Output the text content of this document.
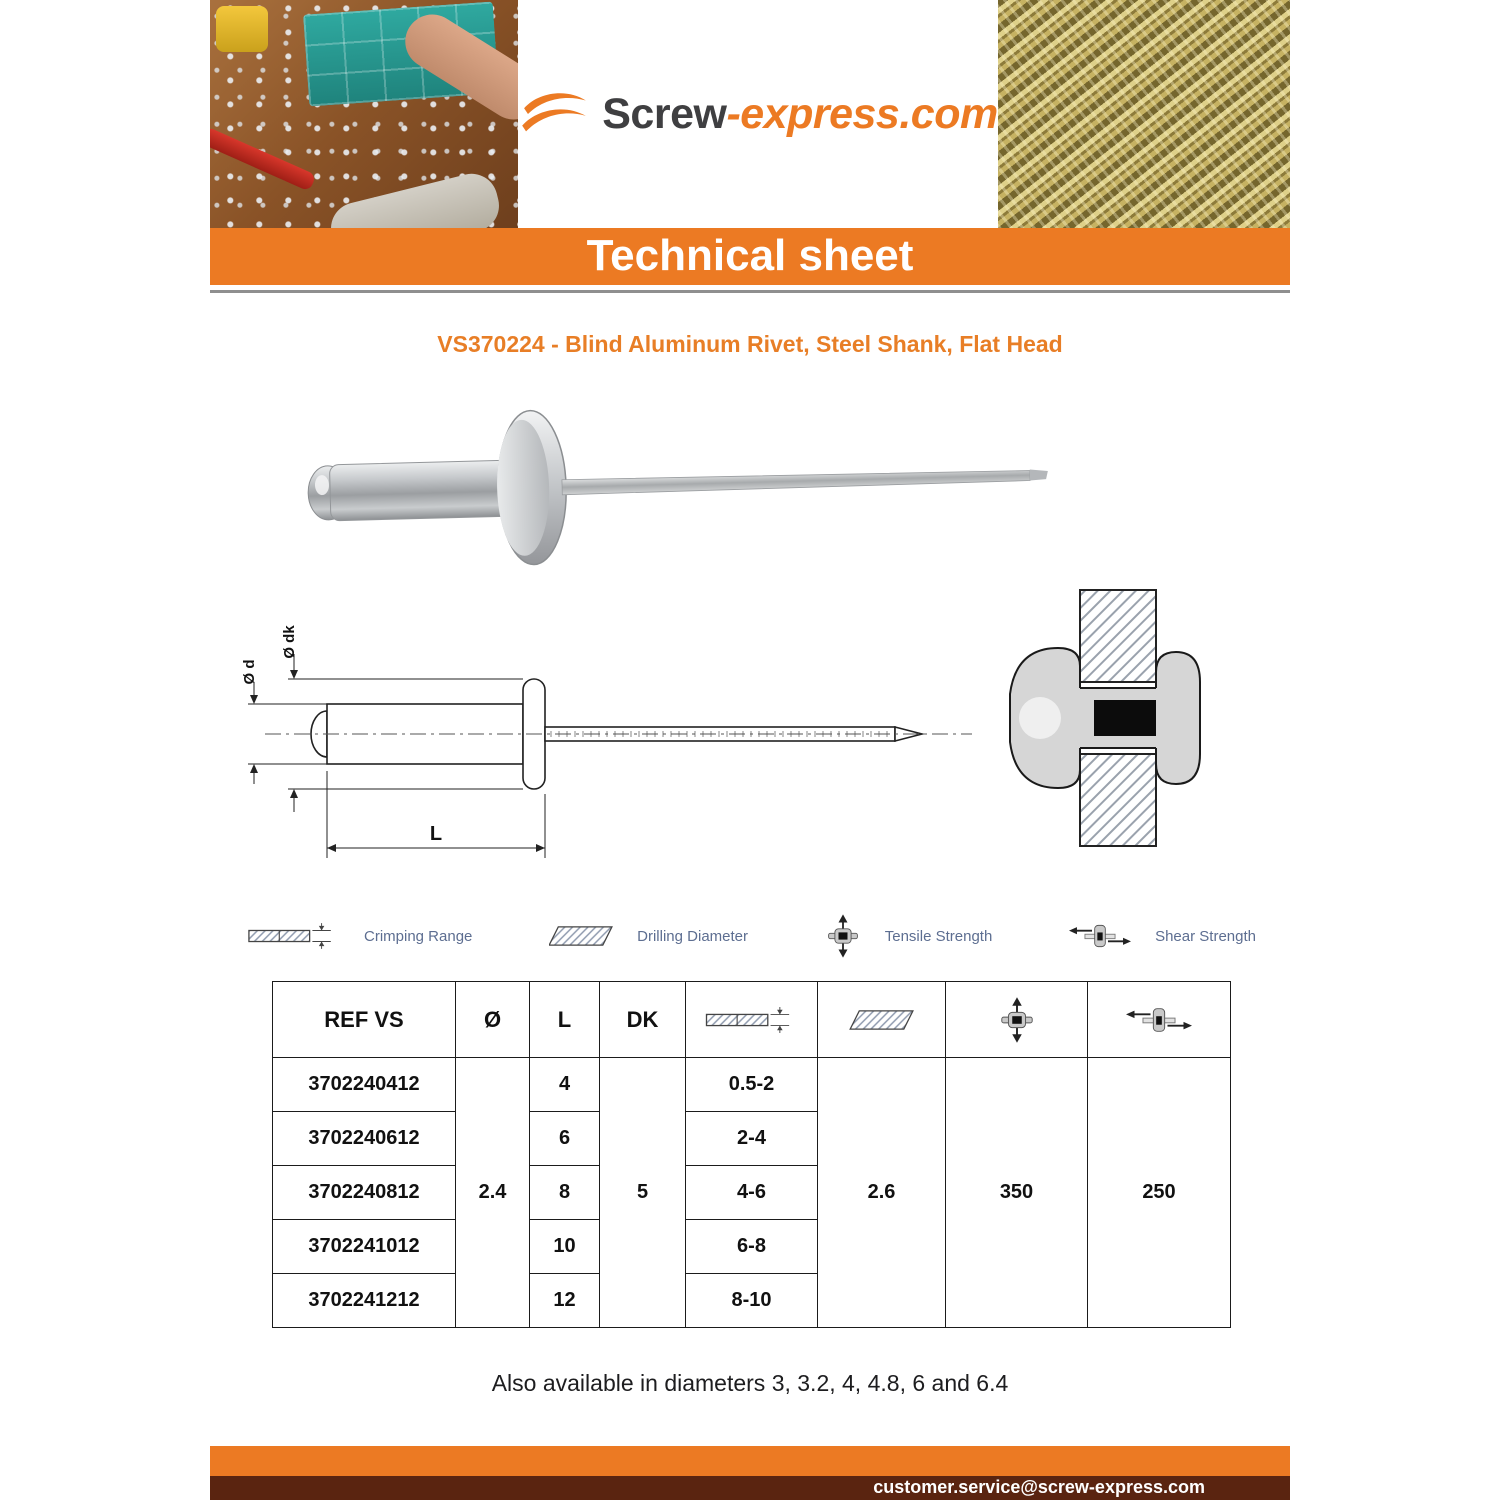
Screw-express.com
Technical sheet
VS370224 - Blind Aluminum Rivet, Steel Shank, Flat Head
Ø d
Ø dk
L
Crimping Range	Drilling Diameter	Tensile Strength	Shear Strength
REF VS	Ø	L	DK	

3702240412	2.4	4	5	0.5-2	2.6	350	250
3702240612		6		2-4			
3702240812		8		4-6			
3702241012		10		6-8			
3702241212		12		8-10			
Also available in diameters 3, 3.2, 4, 4.8, 6 and 6.4
customer.service@screw-express.com
